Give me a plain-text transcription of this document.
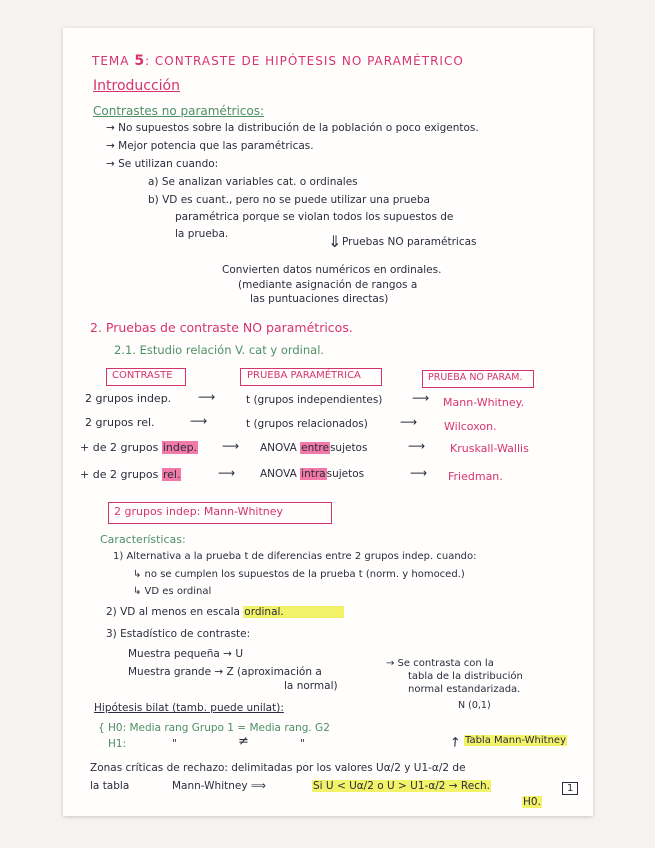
TEMA 5: CONTRASTE DE HIPÓTESIS NO PARAMÉTRICO
Introducción
Contrastes no paramétricos:
→ No supuestos sobre la distribución de la población o poco exigentos.
→ Mejor potencia que las paramétricas.
→ Se utilizan cuando:
a) Se analizan variables cat. o ordinales
b) VD es cuant., pero no se puede utilizar una prueba
paramétrica porque se violan todos los supuestos de
la prueba.	⇓ Pruebas NO paramétricas
Convierten datos numéricos en ordinales.
(mediante asignación de rangos a
las puntuaciones directas)
2. Pruebas de contraste NO paramétricos.
2.1. Estudio relación V. cat y ordinal.
CONTRASTE	PRUEBA PARAMÉTRICA	PRUEBA NO PARAM.
2 grupos indep. ⟶	t (grupos independientes) ⟶ Mann-Whitney.
2 grupos rel.	⟶	t (grupos relacionados)	⟶ Wilcoxon.
+ de 2 grupos indep. ⟶ ANOVA entresujetos	⟶ Kruskall-Wallis
+ de 2 grupos rel.	⟶ ANOVA intrasujetos	⟶ Friedman.
2 grupos indep: Mann-Whitney
Características:
1) Alternativa a la prueba t de diferencias entre 2 grupos indep. cuando:
↳ no se cumplen los supuestos de la prueba t (norm. y homoced.)
↳ VD es ordinal
2) VD al menos en escala ordinal.
3) Estadístico de contraste:
Muestra pequeña → U
Muestra grande → Z (aproximación a
la normal)
→ Se contrasta con la
tabla de la distribución
normal estandarizada.
N (0,1)
Hipótesis bilat (tamb. puede unilat):
{ H0: Media rang Grupo 1 = Media rang. G2
H1:	"	≠	"	↗ Tabla Mann-Whitney
Zonas críticas de rechazo: delimitadas por los valores Uα/2 y U1-α/2 de
la tabla	Mann-Whitney ⟹	Si U < Uα/2 o U > U1-α/2 → Rech.
H0.
1
